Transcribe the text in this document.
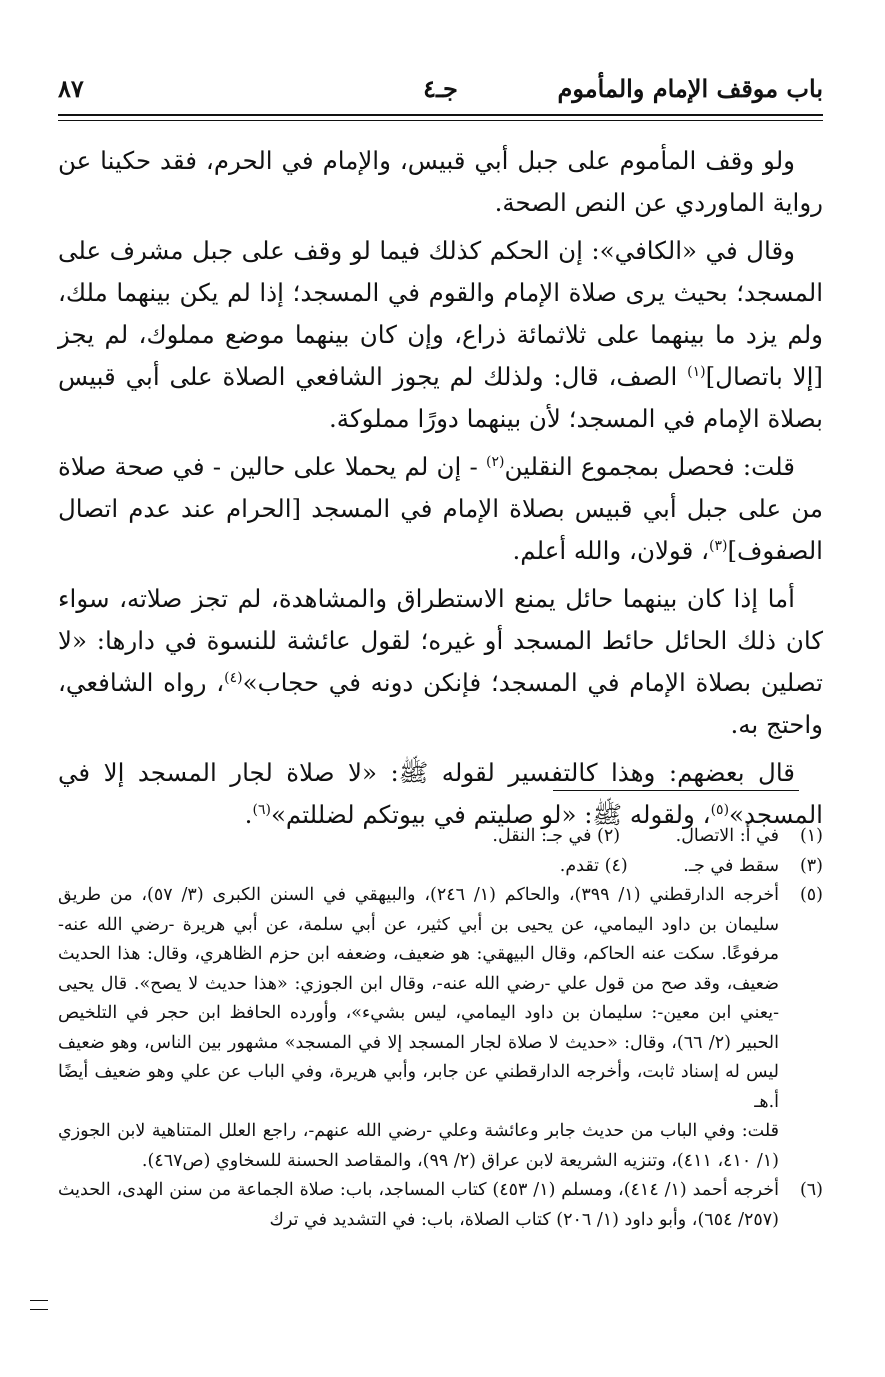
باب موقف الإمام والمأموم
جـ٤
٨٧

ولو وقف المأموم على جبل أبي قبيس، والإمام في الحرم، فقد حكينا عن رواية الماوردي عن النص الصحة.

وقال في «الكافي»: إن الحكم كذلك فيما لو وقف على جبل مشرف على المسجد؛ بحيث يرى صلاة الإمام والقوم في المسجد؛ إذا لم يكن بينهما ملك، ولم يزد ما بينهما على ثلاثمائة ذراع، وإن كان بينهما موضع مملوك، لم يجز [إلا باتصال]$^{(١)}$ الصف، قال: ولذلك لم يجوز الشافعي الصلاة على أبي قبيس بصلاة الإمام في المسجد؛ لأن بينهما دورًا مملوكة.

قلت: فحصل بمجموع النقلين$^{(٢)}$ - إن لم يحملا على حالين - في صحة صلاة من على جبل أبي قبيس بصلاة الإمام في المسجد [الحرام عند عدم اتصال الصفوف]$^{(٣)}$، قولان، والله أعلم.

أما إذا كان بينهما حائل يمنع الاستطراق والمشاهدة، لم تجز صلاته، سواء كان ذلك الحائل حائط المسجد أو غيره؛ لقول عائشة للنسوة في دارها: «لا تصلين بصلاة الإمام في المسجد؛ فإنكن دونه في حجاب»$^{(٤)}$، رواه الشافعي، واحتج به.

قال بعضهم: وهذا كالتفسير لقوله ﷺ: «لا صلاة لجار المسجد إلا في المسجد»$^{(٥)}$، ولقوله ﷺ: «لو صليتم في بيوتكم لضللتم»$^{(٦)}$.

(١)
في أ: الاتصال. (٢) في جـ: النقل.
(٣)
سقط في جـ. (٤) تقدم.
(٥)
أخرجه الدارقطني (١/ ٣٩٩)، والحاكم (١/ ٢٤٦)، والبيهقي في السنن الكبرى (٣/ ٥٧)، من طريق سليمان بن داود اليمامي، عن يحيى بن أبي كثير، عن أبي سلمة، عن أبي هريرة -رضي الله عنه-مرفوعًا. سكت عنه الحاكم، وقال البيهقي: هو ضعيف، وضعفه ابن حزم الظاهري، وقال: هذا الحديث ضعيف، وقد صح من قول علي -رضي الله عنه-، وقال ابن الجوزي: «هذا حديث لا يصح». قال يحيى -يعني ابن معين-: سليمان بن داود اليمامي، ليس بشيء»، وأورده الحافظ ابن حجر في التلخيص الحبير (٢/ ٦٦)، وقال: «حديث لا صلاة لجار المسجد إلا في المسجد» مشهور بين الناس، وهو ضعيف ليس له إسناد ثابت، وأخرجه الدارقطني عن جابر، وأبي هريرة، وفي الباب عن علي وهو ضعيف أيضًا أ.هـ
قلت: وفي الباب من حديث جابر وعائشة وعلي -رضي الله عنهم-، راجع العلل المتناهية لابن الجوزي (١/ ٤١٠، ٤١١)، وتنزيه الشريعة لابن عراق (٢/ ٩٩)، والمقاصد الحسنة للسخاوي (ص٤٦٧).
(٦)
أخرجه أحمد (١/ ٤١٤)، ومسلم (١/ ٤٥٣) كتاب المساجد، باب: صلاة الجماعة من سنن الهدى، الحديث (٢٥٧/ ٦٥٤)، وأبو داود (١/ ٢٠٦) كتاب الصلاة، باب: في التشديد في ترك
